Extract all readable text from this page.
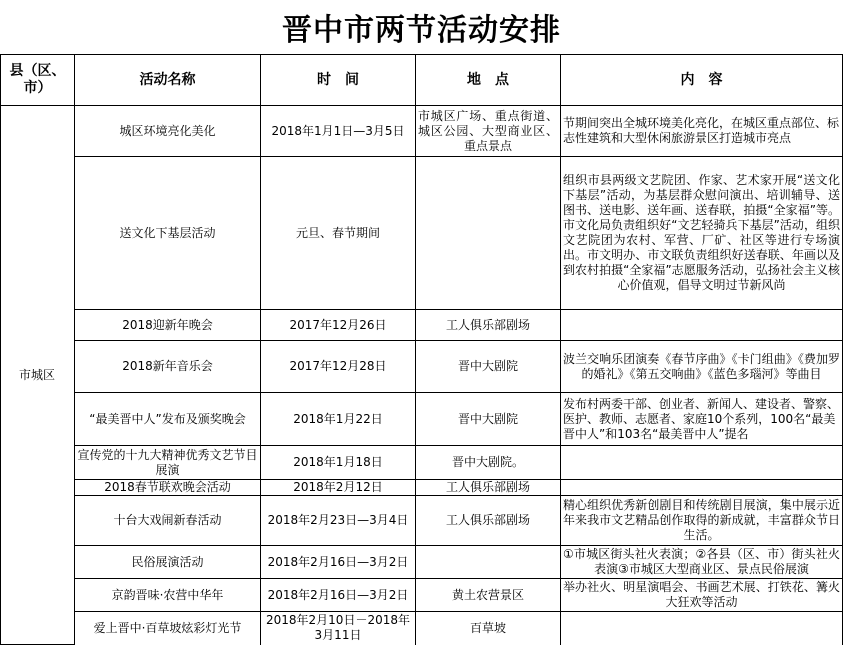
晋中市两节活动安排
县（区、市）	活动名称	时　间	地　点	内　容
市城区	城区环境亮化美化	2018年1月1日—3月5日	市城区广场、重点街道、城区公园、大型商业区、重点景点	节期间突出全城环境美化亮化，在城区重点部位、标志性建筑和大型休闲旅游景区打造城市亮点
	送文化下基层活动	元旦、春节期间		组织市县两级文艺院团、作家、艺术家开展“送文化下基层”活动，为基层群众慰问演出、培训辅导、送图书、送电影、送年画、送春联，拍摄“全家福”等。市文化局负责组织好“文艺轻骑兵下基层”活动，组织文艺院团为农村、军营、厂矿、社区等进行专场演出。市文明办、市文联负责组织好送春联、年画以及到农村拍摄“全家福”志愿服务活动，弘扬社会主义核心价值观，倡导文明过节新风尚
	2018迎新年晚会	2017年12月26日	工人俱乐部剧场	
	2018新年音乐会	2017年12月28日	晋中大剧院	波兰交响乐团演奏《春节序曲》《卡门组曲》《费加罗的婚礼》《第五交响曲》《蓝色多瑙河》等曲目
	“最美晋中人”发布及颁奖晚会	2018年1月22日	晋中大剧院	发布村两委干部、创业者、新闻人、建设者、警察、医护、教师、志愿者、家庭10个系列，100名“最美晋中人”和103名“最美晋中人”提名
	宣传党的十九大精神优秀文艺节目展演	2018年1月18日	晋中大剧院。	
	2018春节联欢晚会活动	2018年2月12日	工人俱乐部剧场	
	十台大戏闹新春活动	2018年2月23日—3月4日	工人俱乐部剧场	精心组织优秀新创剧目和传统剧目展演，集中展示近年来我市文艺精品创作取得的新成就，丰富群众节日生活。
	民俗展演活动	2018年2月16日—3月2日		①市城区街头社火表演；②各县（区、市）街头社火表演③市城区大型商业区、景点民俗展演
	京韵晋味·农营中华年	2018年2月16日—3月2日	黄土农营景区	举办社火、明星演唱会、书画艺术展、打铁花、篝火大狂欢等活动
	爱上晋中·百草坡炫彩灯光节	2018年2月10日－2018年3月11日	百草坡	
